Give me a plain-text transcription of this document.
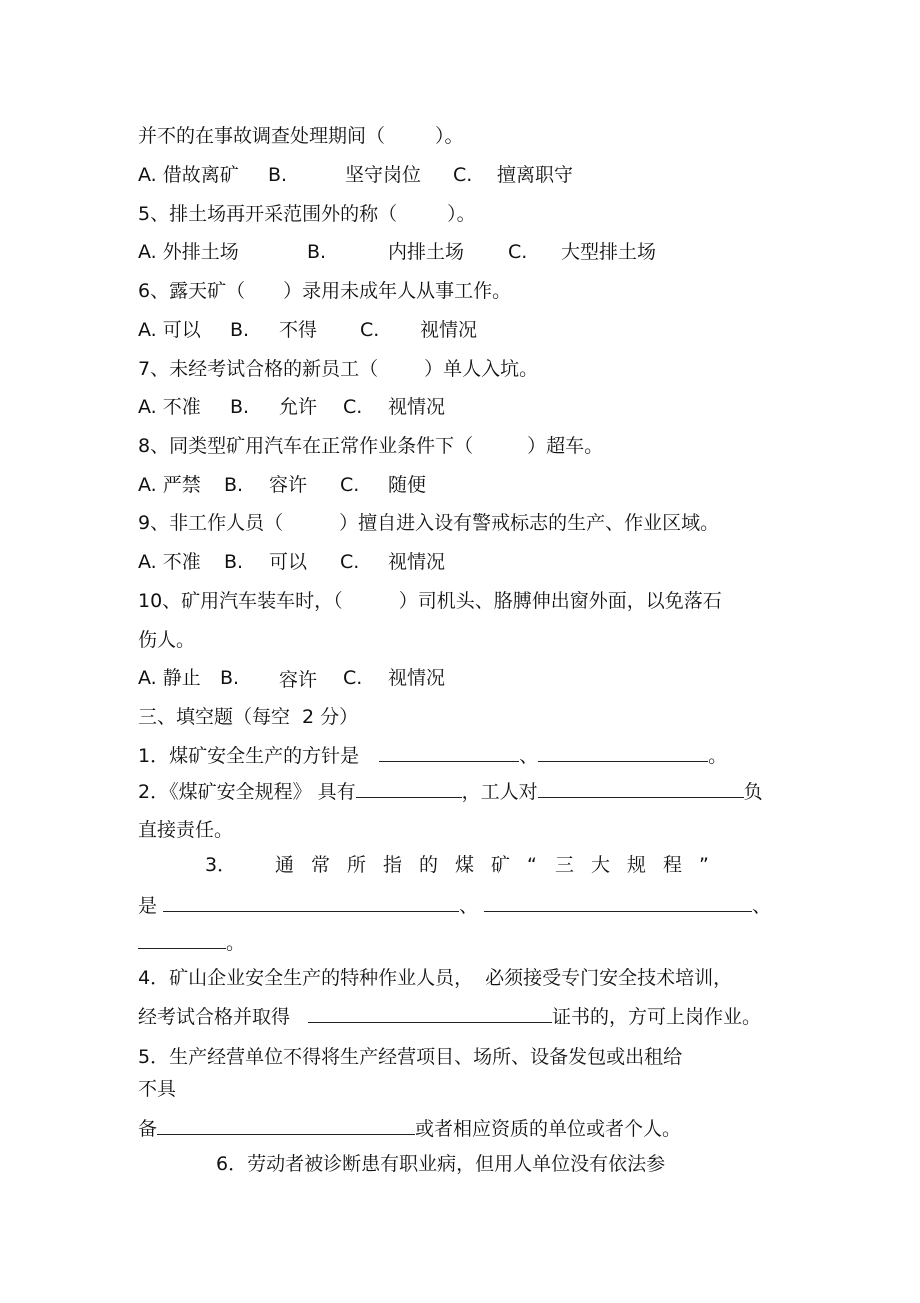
并不的在事故调查处理期间（	）。
A. 借故离矿 B.	坚守岗位 C. 擅离职守
5、排土场再开采范围外的称（	）。
A. 外排土场	B.	内排土场 C. 大型排土场
6、露天矿（ ）录用未成年人从事工作。
A. 可以 B. 不得 C. 视情况
7、未经考试合格的新员工（ ）单人入坑。
A. 不准 B. 允许 C. 视情况
8、同类型矿用汽车在正常作业条件下（	）超车。
A. 严禁 B. 容许 C. 随便
9、非工作人员（	）擅自进入设有警戒标志的生产、作业区域。
A. 不准 B. 可以 C. 视情况
10、矿用汽车装车时，（	）司机头、胳膊伸出窗外面，以免落石
伤人。
A. 静止 B. 容许 C. 视情况
三、填空题（每空 2 分）
1．煤矿安全生产的方针是	、	。
2．《煤矿安全规程》 具有	，工人对	负
直接责任。
3． 通 常 所 指 的 煤 矿 “ 三 大 规 程 ”
是	、	、
。
4．矿山企业安全生产的特种作业人员， 必须接受专门安全技术培训，
经考试合格并取得	证书的，方可上岗作业。
5．生产经营单位不得将生产经营项目、场所、设备发包或出租给
不具
备	或者相应资质的单位或者个人。
6．劳动者被诊断患有职业病，但用人单位没有依法参
